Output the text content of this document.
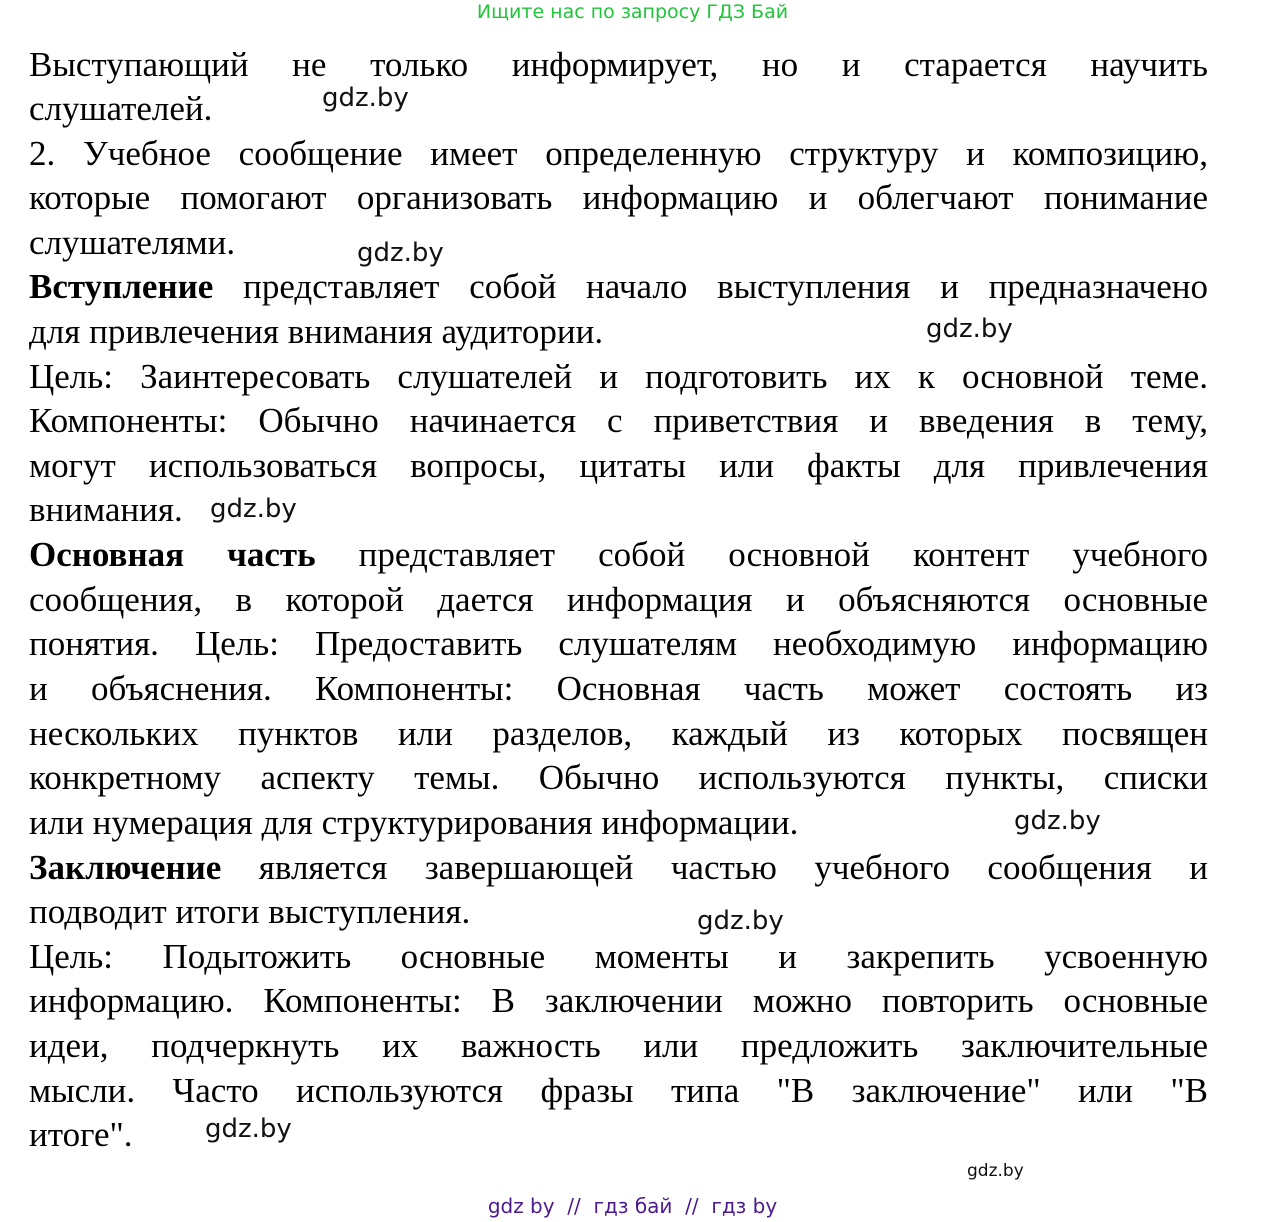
Ищите нас по запросу ГДЗ Бай
Выступающий не только информирует, но и старается научить
слушателей.
2. Учебное сообщение имеет определенную структуру и композицию,
которые помогают организовать информацию и облегчают понимание
слушателями.
Вступление представляет собой начало выступления и предназначено
для привлечения внимания аудитории.
Цель: Заинтересовать слушателей и подготовить их к основной теме.
Компоненты: Обычно начинается с приветствия и введения в тему,
могут использоваться вопросы, цитаты или факты для привлечения
внимания.
Основная часть представляет собой основной контент учебного
сообщения, в которой дается информация и объясняются основные
понятия. Цель: Предоставить слушателям необходимую информацию
и объяснения. Компоненты: Основная часть может состоять из
нескольких пунктов или разделов, каждый из которых посвящен
конкретному аспекту темы. Обычно используются пункты, списки
или нумерация для структурирования информации.
Заключение является завершающей частью учебного сообщения и
подводит итоги выступления.
Цель: Подытожить основные моменты и закрепить усвоенную
информацию. Компоненты: В заключении можно повторить основные
идеи, подчеркнуть их важность или предложить заключительные
мысли. Часто используются фразы типа "В заключение" или "В
итоге".
gdz.by
gdz.by
gdz.by
gdz.by
gdz.by
gdz.by
gdz.by
gdz.by
gdz by  //  гдз бай  //  гдз by
